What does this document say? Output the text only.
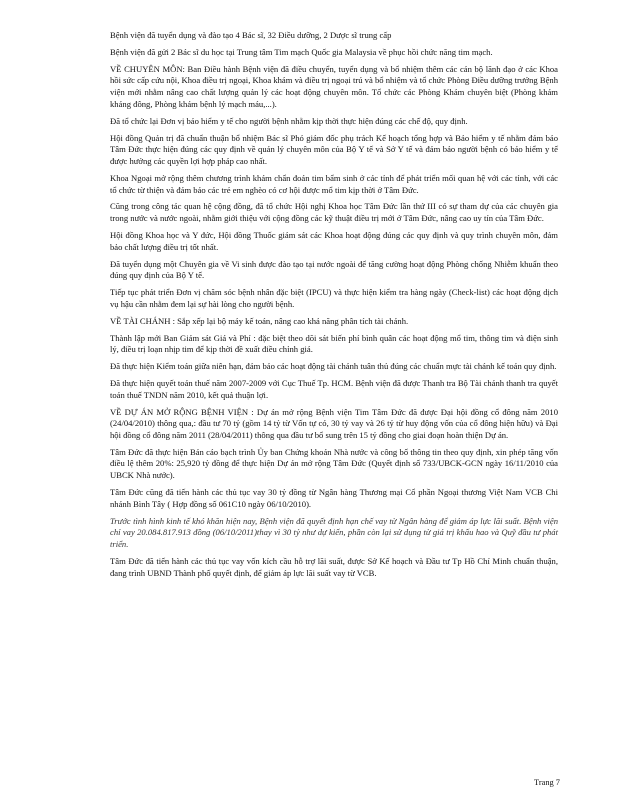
Bệnh viện đã tuyển dụng và đào tạo 4 Bác sĩ, 32 Điều dưỡng, 2 Dược sĩ trung cấp

Bệnh viện đã gửi 2 Bác sĩ du học tại Trung tâm Tim mạch Quốc gia Malaysia về phục hồi chức năng tim mạch.

VỀ CHUYÊN MÔN: Ban Điều hành Bệnh viện đã điều chuyển, tuyển dụng và bổ nhiệm thêm các cán bộ lãnh đạo ở các Khoa hồi sức cấp cứu nội, Khoa điều trị ngoại, Khoa khám và điều trị ngoại trú và bổ nhiệm và tổ chức Phòng Điều dưỡng trưởng Bệnh viện mới nhằm nâng cao chất lượng quản lý các hoạt động chuyên môn. Tổ chức các Phòng Khám chuyên biệt (Phòng khám kháng đông, Phòng khám bệnh lý mạch máu,...).

Đã tổ chức lại Đơn vị bảo hiểm y tế cho người bệnh nhằm kịp thời thực hiện đúng các chế độ, quy định.

Hội đồng Quản trị đã chuẩn thuận bổ nhiệm Bác sĩ Phó giám đốc phụ trách Kế hoạch tổng hợp và Bảo hiểm y tế nhằm đảm bảo Tâm Đức thực hiện đúng các quy định về quản lý chuyên môn của Bộ Y tế và Sở Y tế và đảm bảo người bệnh có bảo hiểm y tế được hưởng các quyền lợi hợp pháp cao nhất.

Khoa Ngoại mở rộng thêm chương trình khám chẩn đoán tim bẩm sinh ở các tỉnh để phát triển mối quan hệ với các tỉnh, với các tổ chức từ thiện và đảm bảo các trẻ em nghèo có cơ hội được mổ tim kịp thời ở Tâm Đức.

Cũng trong công tác quan hệ cộng đồng, đã tổ chức Hội nghị Khoa học Tâm Đức lần thứ III có sự tham dự của các chuyên gia trong nước và nước ngoài, nhằm giới thiệu với cộng đồng các kỹ thuật điều trị mới ở Tâm Đức, nâng cao uy tín của Tâm Đức.

Hội đồng Khoa học và Y đức, Hội đồng Thuốc giám sát các Khoa hoạt động đúng các quy định và quy trình chuyên môn, đảm bảo chất lượng điều trị tốt nhất.

Đã tuyển dụng một Chuyên gia về Vi sinh được đào tạo tại nước ngoài để tăng cường hoạt động Phòng chống Nhiễm khuẩn theo đúng quy định của Bộ Y tế.

Tiếp tục phát triển Đơn vị chăm sóc bệnh nhân đặc biệt (IPCU) và thực hiện kiểm tra hàng ngày (Check-list) các hoạt động dịch vụ hậu cần nhằm đem lại sự hài lòng cho người bệnh.

VỀ TÀI CHÁNH : Sắp xếp lại bộ máy kế toán, nâng cao khả năng phân tích tài chánh.

Thành lập mới Ban Giám sát Giá và Phí : đặc biệt theo dõi sát biến phí bình quân các hoạt động mổ tim, thông tim và điện sinh lý, điều trị loạn nhịp tim để kịp thời đề xuất điều chỉnh giá.

Đã thực hiện Kiểm toán giữa niên hạn, đảm bảo các hoạt động tài chánh tuân thủ đúng các chuẩn mực tài chánh kế toán quy định.

Đã thực hiện quyết toán thuế năm 2007-2009 với Cục Thuế Tp. HCM. Bệnh viện đã được Thanh tra Bộ Tài chánh thanh tra quyết toán thuế TNDN năm 2010, kết quả thuận lợi.

VỀ DỰ ÁN MỞ RỘNG BỆNH VIỆN : Dự án mở rộng Bệnh viện Tim Tâm Đức đã được Đại hội đồng cổ đông năm 2010 (24/04/2010) thông qua,: đầu tư 70 tỷ (gồm 14 tỷ từ Vốn tự có, 30 tỷ vay và 26 tỷ từ huy động vốn của cổ đông hiện hữu) và Đại hội đồng cổ đông năm 2011 (28/04/2011) thông qua đầu tư bổ sung trên 15 tỷ đồng cho giai đoạn hoàn thiện Dự án.

Tâm Đức đã thực hiện Bản cáo bạch trình Ủy ban Chứng khoán Nhà nước và công bố thông tin theo quy định, xin phép tăng vốn điều lệ thêm 20%: 25,920 tỷ đồng để thực hiện Dự án mở rộng Tâm Đức (Quyết định số 733/UBCK-GCN ngày 16/11/2010 của UBCK Nhà nước).

Tâm Đức cũng đã tiến hành các thủ tục vay 30 tỷ đồng từ Ngân hàng Thương mại Cổ phần Ngoại thương Việt Nam VCB Chi nhánh Bình Tây ( Hợp đồng số 061C10 ngày 06/10/2010).

Trước tình hình kinh tế khó khăn hiện nay, Bệnh viện đã quyết định hạn chế vay từ Ngân hàng để giảm áp lực lãi suất. Bệnh viện chỉ vay 20.084.817.913 đồng (06/10/2011)thay vì 30 tỷ như dự kiến, phần còn lại sử dụng từ giá trị khấu hao và Quỹ đầu tư phát triển.

Tâm Đức đã tiến hành các thủ tục vay vốn kích cầu hỗ trợ lãi suất, được Sở Kế hoạch và Đầu tư Tp Hồ Chí Minh chuẩn thuận, đang trình UBND Thành phố quyết định, để giảm áp lực lãi suất vay từ VCB.

Trang 7
